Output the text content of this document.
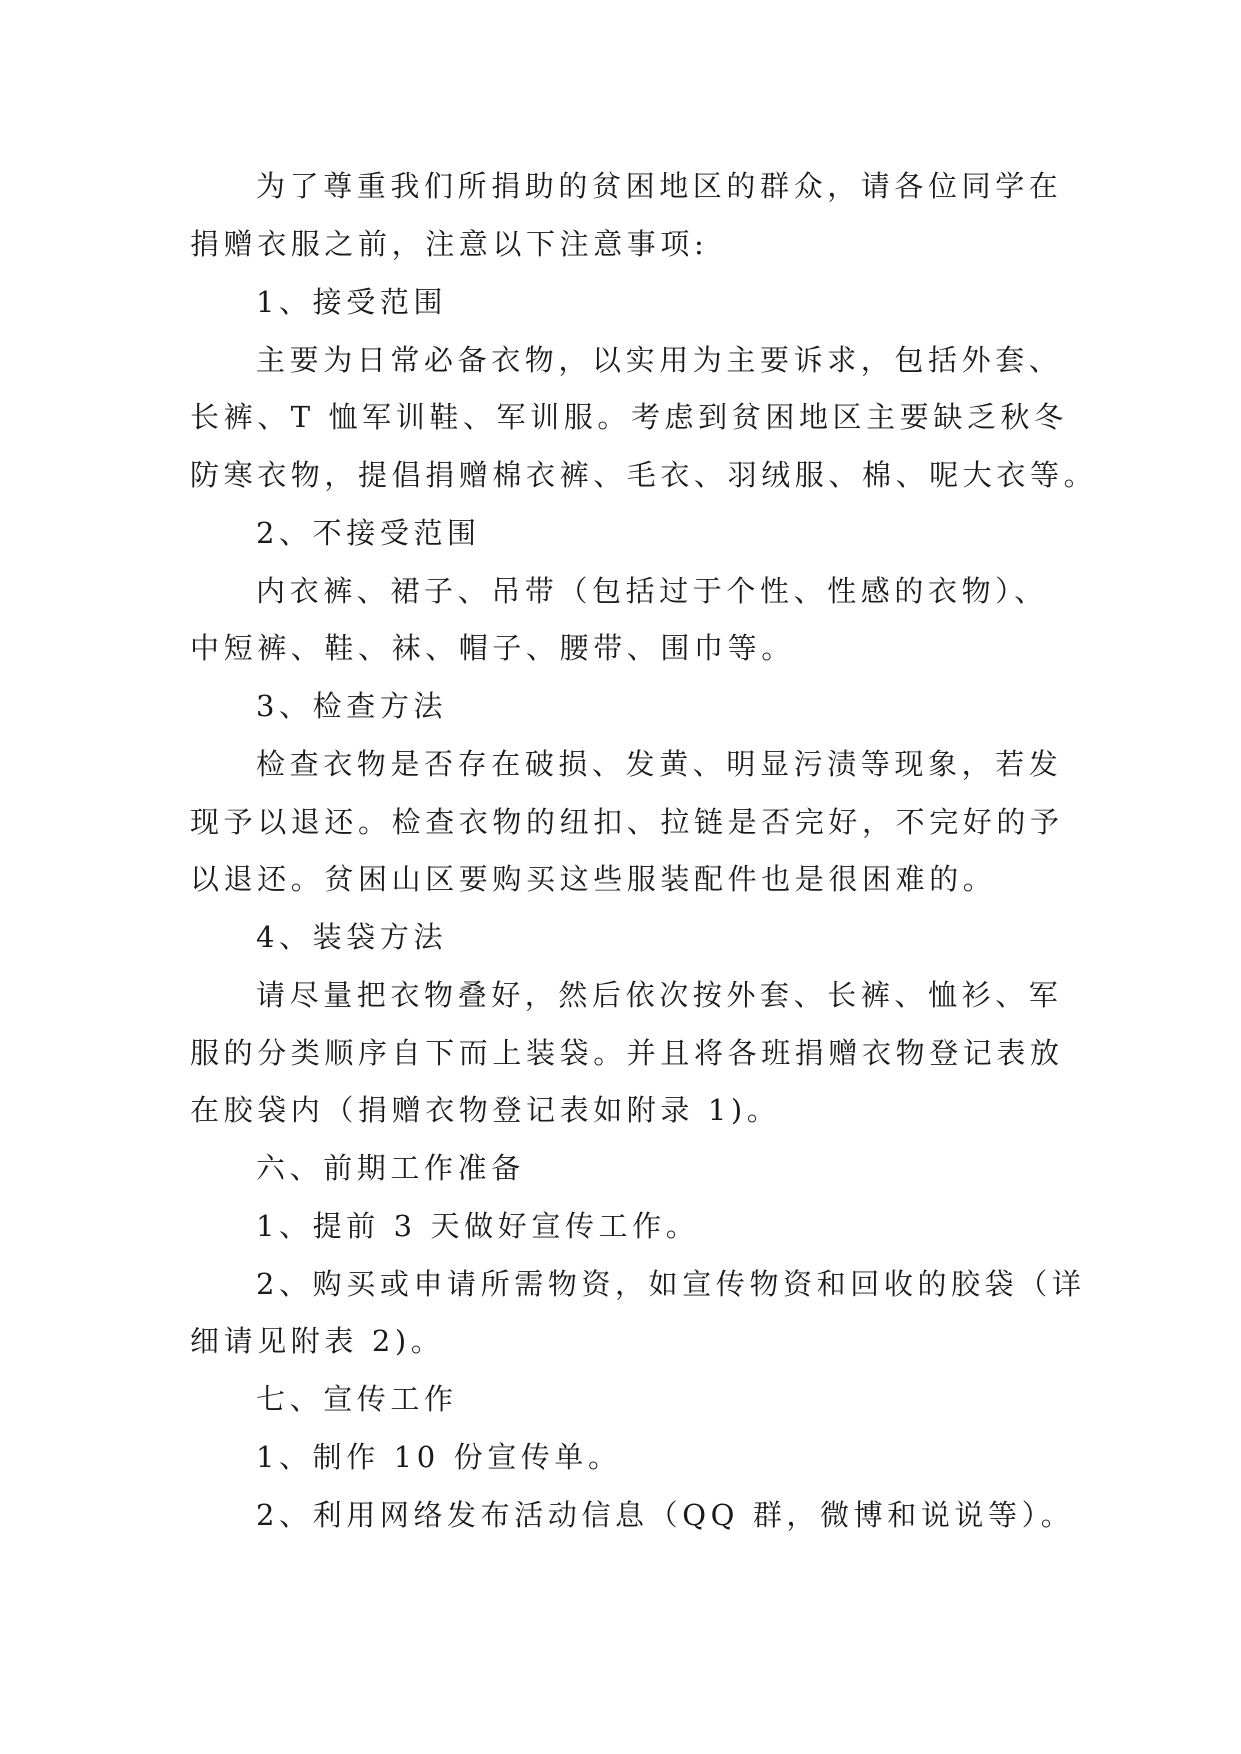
为了尊重我们所捐助的贫困地区的群众，请各位同学在
捐赠衣服之前，注意以下注意事项:
1、接受范围
主要为日常必备衣物，以实用为主要诉求，包括外套、
长裤、T 恤军训鞋、军训服。考虑到贫困地区主要缺乏秋冬
防寒衣物，提倡捐赠棉衣裤、毛衣、羽绒服、棉、呢大衣等。
2、不接受范围
内衣裤、裙子、吊带（包括过于个性、性感的衣物）、
中短裤、鞋、袜、帽子、腰带、围巾等。
3、检查方法
检查衣物是否存在破损、发黄、明显污渍等现象，若发
现予以退还。检查衣物的纽扣、拉链是否完好，不完好的予
以退还。贫困山区要购买这些服装配件也是很困难的。
4、装袋方法
请尽量把衣物叠好，然后依次按外套、长裤、恤衫、军
服的分类顺序自下而上装袋。并且将各班捐赠衣物登记表放
在胶袋内（捐赠衣物登记表如附录 1)。
六、前期工作准备
1、提前 3 天做好宣传工作。
2、购买或申请所需物资，如宣传物资和回收的胶袋（详
细请见附表 2)。
七、宣传工作
1、制作 10 份宣传单。
2、利用网络发布活动信息（QQ 群，微博和说说等）。
